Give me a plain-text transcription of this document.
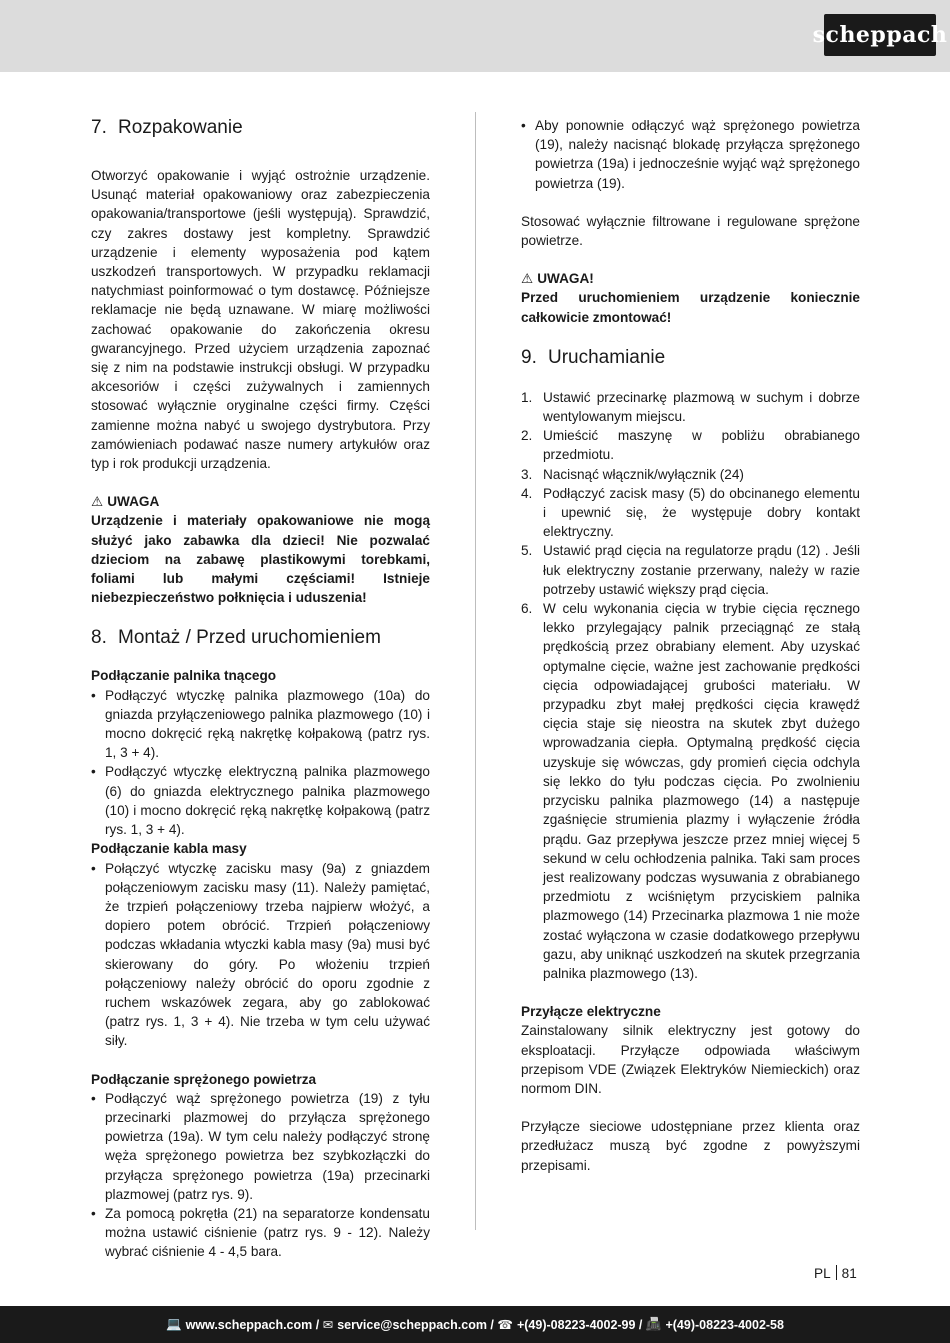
scheppach
7. Rozpakowanie

Otworzyć opakowanie i wyjąć ostrożnie urządzenie. Usunąć materiał opakowaniowy oraz zabezpieczenia opakowania/transportowe (jeśli występują). Sprawdzić, czy zakres dostawy jest kompletny. Sprawdzić urządzenie i elementy wyposażenia pod kątem uszkodzeń transportowych. W przypadku reklamacji natychmiast poinformować o tym dostawcę. Późniejsze reklamacje nie będą uznawane. W miarę możliwości zachować opakowanie do zakończenia okresu gwarancyjnego. Przed użyciem urządzenia zapoznać się z nim na podstawie instrukcji obsługi. W przypadku akcesoriów i części zużywalnych i zamiennych stosować wyłącznie oryginalne części firmy. Części zamienne można nabyć u swojego dystrybutora. Przy zamówieniach podawać nasze numery artykułów oraz typ i rok produkcji urządzenia.

⚠ UWAGA

Urządzenie i materiały opakowaniowe nie mogą służyć jako zabawka dla dzieci! Nie pozwalać dzieciom na zabawę plastikowymi torebkami, foliami lub małymi częściami! Istnieje niebezpieczeństwo połknięcia i uduszenia!

8. Montaż / Przed uruchomieniem

Podłączanie palnika tnącego

• Podłączyć wtyczkę palnika plazmowego (10a) do gniazda przyłączeniowego palnika plazmowego (10) i mocno dokręcić ręką nakrętkę kołpakową (patrz rys. 1, 3 + 4).
• Podłączyć wtyczkę elektryczną palnika plazmowego (6) do gniazda elektrycznego palnika plazmowego (10) i mocno dokręcić ręką nakrętkę kołpakową (patrz rys. 1, 3 + 4).

Podłączanie kabla masy

• Połączyć wtyczkę zacisku masy (9a) z gniazdem połączeniowym zacisku masy (11). Należy pamiętać, że trzpień połączeniowy trzeba najpierw włożyć, a dopiero potem obrócić. Trzpień połączeniowy podczas wkładania wtyczki kabla masy (9a) musi być skierowany do góry. Po włożeniu trzpień połączeniowy należy obrócić do oporu zgodnie z ruchem wskazówek zegara, aby go zablokować (patrz rys. 1, 3 + 4). Nie trzeba w tym celu używać siły.

Podłączanie sprężonego powietrza

• Podłączyć wąż sprężonego powietrza (19) z tyłu przecinarki plazmowej do przyłącza sprężonego powietrza (19a). W tym celu należy podłączyć stronę węża sprężonego powietrza bez szybkozłączki do przyłącza sprężonego powietrza (19a) przecinarki plazmowej (patrz rys. 9).
• Za pomocą pokrętła (21) na separatorze kondensatu można ustawić ciśnienie (patrz rys. 9 - 12). Należy wybrać ciśnienie 4 - 4,5 bara.
• Aby ponownie odłączyć wąż sprężonego powietrza (19), należy nacisnąć blokadę przyłącza sprężonego powietrza (19a) i jednocześnie wyjąć wąż sprężonego powietrza (19).

Stosować wyłącznie filtrowane i regulowane sprężone powietrze.

⚠ UWAGA!

Przed uruchomieniem urządzenie koniecznie całkowicie zmontować!

9. Uruchamianie
1. Ustawić przecinarkę plazmową w suchym i dobrze wentylowanym miejscu.
2. Umieścić maszynę w pobliżu obrabianego przedmiotu.
3. Nacisnąć włącznik/wyłącznik (24)
4. Podłączyć zacisk masy (5) do obcinanego elementu i upewnić się, że występuje dobry kontakt elektryczny.
5. Ustawić prąd cięcia na regulatorze prądu (12) . Jeśli łuk elektryczny zostanie przerwany, należy w razie potrzeby ustawić większy prąd cięcia.
6. W celu wykonania cięcia w trybie cięcia ręcznego lekko przylegający palnik przeciągnąć ze stałą prędkością przez obrabiany element. Aby uzyskać optymalne cięcie, ważne jest zachowanie prędkości cięcia odpowiadającej grubości materiału. W przypadku zbyt małej prędkości cięcia krawędź cięcia staje się nieostra na skutek zbyt dużego wprowadzania ciepła. Optymalną prędkość cięcia uzyskuje się wówczas, gdy promień cięcia odchyla się lekko do tyłu podczas cięcia. Po zwolnieniu przycisku palnika plazmowego (14) a następuje zgaśnięcie strumienia plazmy i wyłączenie źródła prądu. Gaz przepływa jeszcze przez mniej więcej 5 sekund w celu ochłodzenia palnika. Taki sam proces jest realizowany podczas wysuwania z obrabianego przedmiotu z wciśniętym przyciskiem palnika plazmowego (14) Przecinarka plazmowa 1 nie może zostać wyłączona w czasie dodatkowego przepływu gazu, aby uniknąć uszkodzeń na skutek przegrzania palnika plazmowego (13).

Przyłącze elektryczne

Zainstalowany silnik elektryczny jest gotowy do eksploatacji. Przyłącze odpowiada właściwym przepisom VDE (Związek Elektryków Niemieckich) oraz normom DIN.

Przyłącze sieciowe udostępniane przez klienta oraz przedłużacz muszą być zgodne z powyższymi przepisami.

PL 81
💻 www.scheppach.com /
✉ service@scheppach.com /
☎ +(49)-08223-4002-99 /
📠 +(49)-08223-4002-58
